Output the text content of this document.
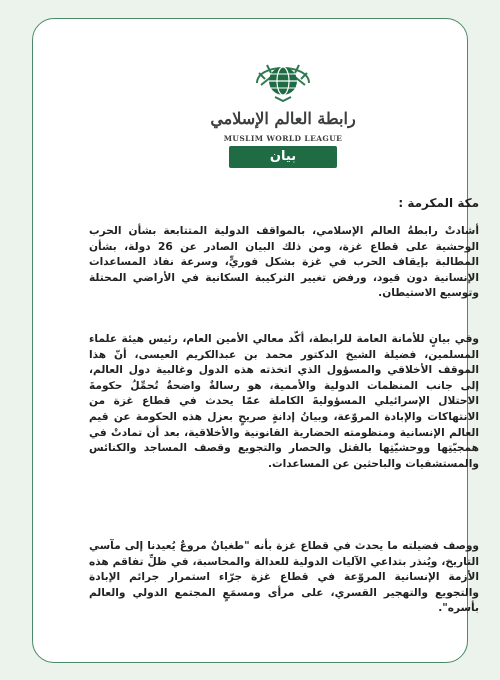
رابطة العالم الإسلامي
MUSLIM WORLD LEAGUE
بيان
مكة المكرمة :

أشادتْ رابطةُ العالم الإسلامي، بالمواقف الدولية المتتابعة بشأن الحرب الوحشية على قطاع غزة، ومن ذلك البيان الصادر عن 26 دولة، بشأن المطالبة بإيقاف الحرب في غزة بشكل فوريٍّ، وسرعة نفاذ المساعدات الإنسانية دون قيود، ورفض تغيير التركيبة السكانية في الأراضي المحتلة وتوسيع الاستيطان.

وفي بيانٍ للأمانة العامة للرابطة، أكّد معالي الأمين العام، رئيس هيئة علماء المسلمين، فضيلة الشيخ الدكتور محمد بن عبدالكريم العيسى، أنّ هذا الموقف الأخلاقي والمسؤول الذي اتخذته هذه الدول وغالبية دول العالم، إلى جانب المنظمات الدولية والأممية، هو رسالةٌ واضحةٌ تُحمِّلُ حكومةَ الاحتلال الإسرائيلي المسؤوليةَ الكاملة عمّا يحدث في قطاع غزة من الانتهاكات والإبادة المروّعة، وبيانُ إدانةٍ صريحٍ بعزل هذه الحكومة عن قيم العالم الإنسانية ومنظومته الحضارية القانونية والأخلاقية، بعد أن تمادتْ في همجيّتِها ووحشيّتِها بالقتل والحصار والتجويع وقصف المساجد والكنائس والمستشفيات والباحثين عن المساعدات.

ووصف فضيلته ما يحدث في قطاع غزة بأنه "طغيانٌ مروعٌ يُعيدنا إلى مآسي التاريخ، ويُنذر بتداعي الآليات الدولية للعدالة والمحاسبة، في ظلِّ تفاقم هذه الأزمة الإنسانية المروّعة في قطاع غزة جرّاء استمرار جرائم الإبادة والتجويع والتهجير القسري، على مرأى ومسمَعٍ المجتمع الدولي والعالم بأسره".
